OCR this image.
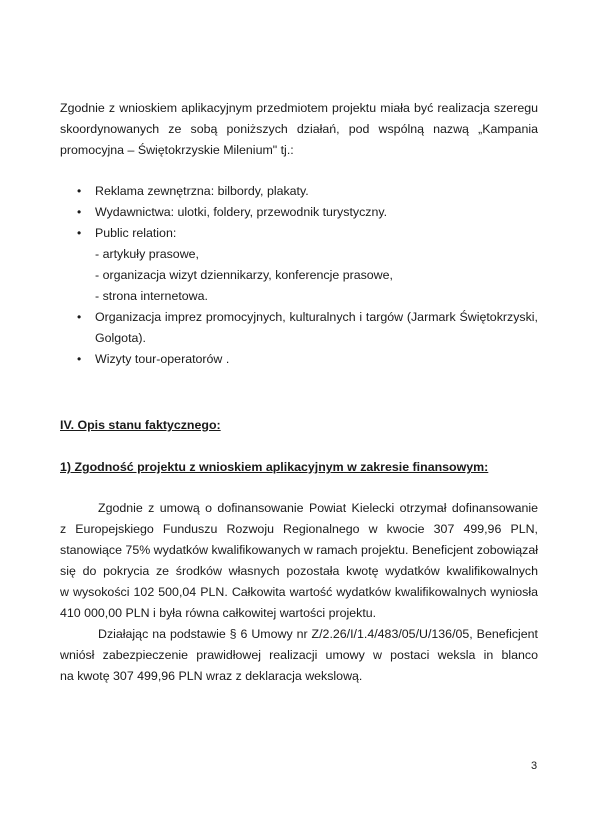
Zgodnie z wnioskiem aplikacyjnym przedmiotem projektu miała być realizacja szeregu
skoordynowanych ze sobą poniższych działań, pod wspólną nazwą „Kampania
promocyjna – Świętokrzyskie Milenium" tj.:
• Reklama zewnętrzna: bilbordy, plakaty.
• Wydawnictwa: ulotki, foldery, przewodnik turystyczny.
• Public relation:
- artykuły prasowe,
- organizacja wizyt dziennikarzy, konferencje prasowe,
- strona internetowa.
• Organizacja imprez promocyjnych, kulturalnych i targów (Jarmark Świętokrzyski,
Golgota).
• Wizyty tour-operatorów .
IV. Opis stanu faktycznego:
1) Zgodność projektu z wnioskiem aplikacyjnym w zakresie finansowym:
Zgodnie z umową o dofinansowanie Powiat Kielecki otrzymał dofinansowanie
z Europejskiego Funduszu Rozwoju Regionalnego w kwocie 307 499,96 PLN,
stanowiące 75% wydatków kwalifikowanych w ramach projektu. Beneficjent zobowiązał
się do pokrycia ze środków własnych pozostała kwotę wydatków kwalifikowalnych
w wysokości 102 500,04 PLN. Całkowita wartość wydatków kwalifikowalnych wyniosła
410 000,00 PLN i była równa całkowitej wartości projektu.
Działając na podstawie § 6 Umowy nr Z/2.26/I/1.4/483/05/U/136/05, Beneficjent
wniósł zabezpieczenie prawidłowej realizacji umowy w postaci weksla in blanco
na kwotę 307 499,96 PLN wraz z deklaracja wekslową.
3
